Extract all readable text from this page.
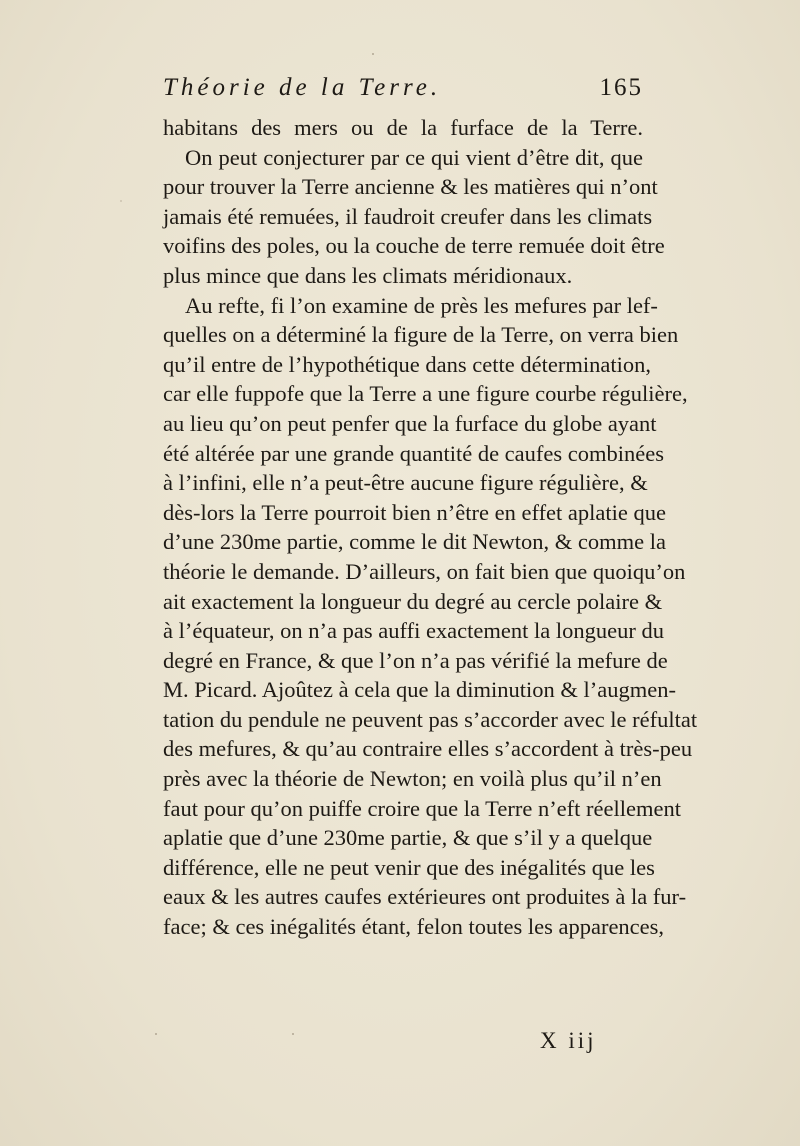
Théorie de la Terre.	165
habitans des mers ou de la furface de la Terre.
On peut conjecturer par ce qui vient d’être dit, que
pour trouver la Terre ancienne & les matières qui n’ont
jamais été remuées, il faudroit creufer dans les climats
voifins des poles, ou la couche de terre remuée doit être
plus mince que dans les climats méridionaux.
Au refte, fi l’on examine de près les mefures par lef-
quelles on a déterminé la figure de la Terre, on verra bien
qu’il entre de l’hypothétique dans cette détermination,
car elle fuppofe que la Terre a une figure courbe régulière,
au lieu qu’on peut penfer que la furface du globe ayant
été altérée par une grande quantité de caufes combinées
à l’infini, elle n’a peut-être aucune figure régulière, &
dès-lors la Terre pourroit bien n’être en effet aplatie que
d’une 230me partie, comme le dit Newton, & comme la
théorie le demande. D’ailleurs, on fait bien que quoiqu’on
ait exactement la longueur du degré au cercle polaire &
à l’équateur, on n’a pas auffi exactement la longueur du
degré en France, & que l’on n’a pas vérifié la mefure de
M. Picard. Ajoûtez à cela que la diminution & l’augmen-
tation du pendule ne peuvent pas s’accorder avec le réfultat
des mefures, & qu’au contraire elles s’accordent à très-peu
près avec la théorie de Newton; en voilà plus qu’il n’en
faut pour qu’on puiffe croire que la Terre n’eft réellement
aplatie que d’une 230me partie, & que s’il y a quelque
différence, elle ne peut venir que des inégalités que les
eaux & les autres caufes extérieures ont produites à la fur-
face; & ces inégalités étant, felon toutes les apparences,
X iij
